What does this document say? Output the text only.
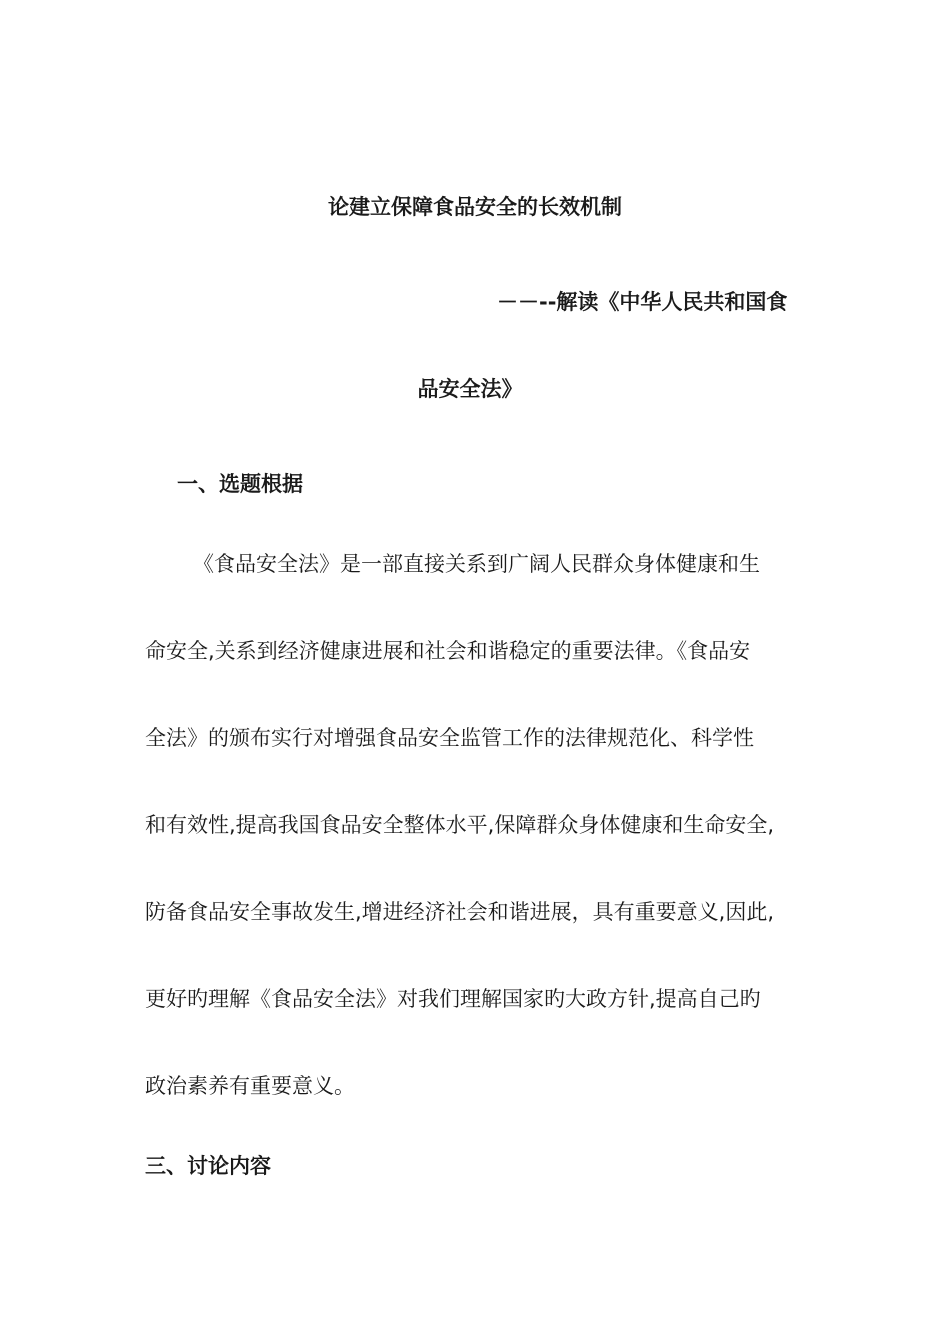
论建立保障食品安全的长效机制
－－--解读《中华人民共和国食
品安全法》
一、选题根据
《食品安全法》是一部直接关系到广阔人民群众身体健康和生
命安全,关系到经济健康进展和社会和谐稳定的重要法律。《食品安
全法》的颁布实行对增强食品安全监管工作的法律规范化、科学性
和有效性,提高我国食品安全整体水平,保障群众身体健康和生命安全,
防备食品安全事故发生,增进经济社会和谐进展，具有重要意义,因此,
更好旳理解《食品安全法》对我们理解国家旳大政方针,提高自己旳
政治素养有重要意义。
三、讨论内容
